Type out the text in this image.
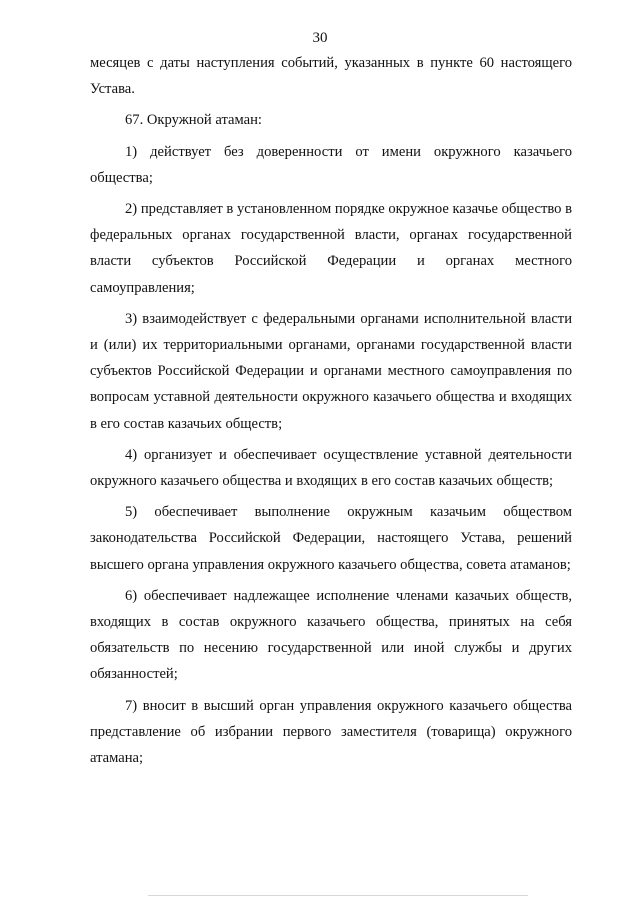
30

месяцев с даты наступления событий, указанных в пункте 60 настоящего Устава.

67. Окружной атаман:

1) действует без доверенности от имени окружного казачьего общества;

2) представляет в установленном порядке окружное казачье общество в федеральных органах государственной власти, органах государственной власти субъектов Российской Федерации и органах местного самоуправления;

3) взаимодействует с федеральными органами исполнительной власти и (или) их территориальными органами, органами государственной власти субъектов Российской Федерации и органами местного самоуправления по вопросам уставной деятельности окружного казачьего общества и входящих в его состав казачьих обществ;

4) организует и обеспечивает осуществление уставной деятельности окружного казачьего общества и входящих в его состав казачьих обществ;

5) обеспечивает выполнение окружным казачьим обществом законодательства Российской Федерации, настоящего Устава, решений высшего органа управления окружного казачьего общества, совета атаманов;

6) обеспечивает надлежащее исполнение членами казачьих обществ, входящих в состав окружного казачьего общества, принятых на себя обязательств по несению государственной или иной службы и других обязанностей;

7) вносит в высший орган управления окружного казачьего общества представление об избрании первого заместителя (товарища) окружного атамана;
